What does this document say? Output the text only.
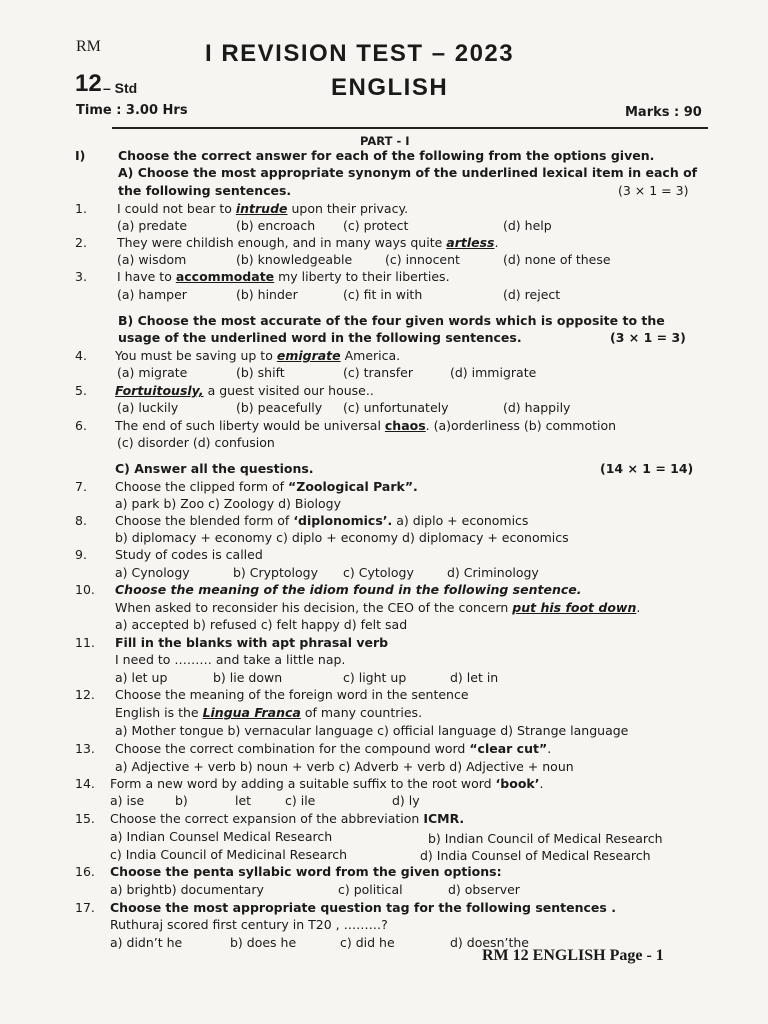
RM	I REVISION TEST – 2023
12 – Std	ENGLISH
Time : 3.00 Hrs	Marks : 90
PART - I
I)	Choose the correct answer for each of the following from the options given.
A) Choose the most appropriate synonym of the underlined lexical item in each of
the following sentences.	(3 × 1 = 3)
1. I could not bear to intrude upon their privacy.
(a) predate	(b) encroach (c) protect	(d) help
2. They were childish enough, and in many ways quite artless.
(a) wisdom	(b) knowledgeable	(c) innocent	(d) none of these
3. I have to accommodate my liberty to their liberties.
(a) hamper	(b) hinder	(c) fit in with	(d) reject
B) Choose the most accurate of the four given words which is opposite to the
usage of the underlined word in the following sentences.	(3 × 1 = 3)
4. You must be saving up to emigrate America.
(a) migrate	(b) shift	(c) transfer	(d) immigrate
5. Fortuitously, a guest visited our house..
(a) luckily	(b) peacefully (c) unfortunately	(d) happily
6. The end of such liberty would be universal chaos. (a)orderliness (b) commotion
(c) disorder (d) confusion
C) Answer all the questions.	(14 × 1 = 14)
7. Choose the clipped form of “Zoological Park”.
a) park b) Zoo c) Zoology d) Biology
8. Choose the blended form of ‘diplonomics’. a) diplo + economics
b) diplomacy + economy c) diplo + economy d) diplomacy + economics
9. Study of codes is called
a) Cynology	b) Cryptology c) Cytology	d) Criminology
10. Choose the meaning of the idiom found in the following sentence.
When asked to reconsider his decision, the CEO of the concern put his foot down.
a) accepted b) refused c) felt happy d) felt sad
11. Fill in the blanks with apt phrasal verb
I need to ……… and take a little nap.
a) let up	b) lie down	c) light up	d) let in
12. Choose the meaning of the foreign word in the sentence
English is the Lingua Franca of many countries.
a) Mother tongue b) vernacular language c) official language d) Strange language
13. Choose the correct combination for the compound word “clear cut”.
a) Adjective + verb b) noun + verb c) Adverb + verb d) Adjective + noun
14. Form a new word by adding a suitable suffix to the root word ‘book’.
a) ise b)	let	c) ile	d) ly
15. Choose the correct expansion of the abbreviation ICMR.
a) Indian Counsel Medical Research	b) Indian Council of Medical Research
c) India Council of Medicinal Research	d) India Counsel of Medical Research
16. Choose the penta syllabic word from the given options:
a) brightb) documentary	c) political	d) observer
17. Choose the most appropriate question tag for the following sentences .
Ruthuraj scored first century in T20 , ………?
a) didn’t he	b) does he	c) did he	d) doesn’the
RM 12 ENGLISH Page - 1
